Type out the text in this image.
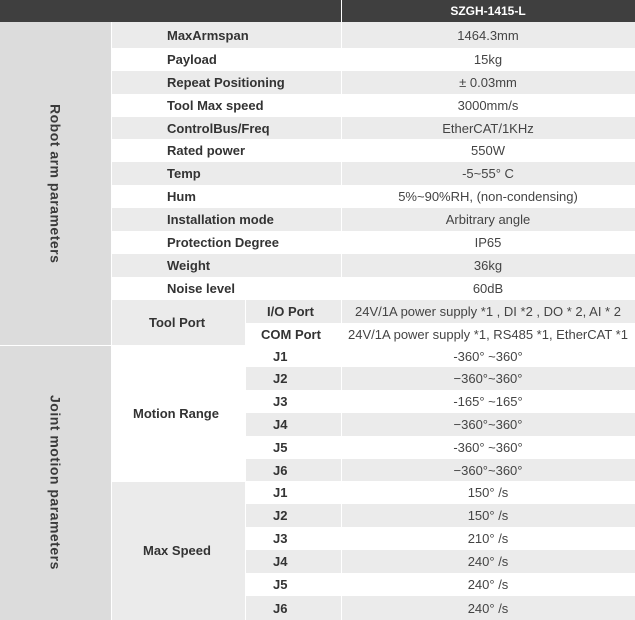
SZGH-1415-L
Robot arm parameters
MaxArmspan	1464.3mm
Payload	15kg
Repeat Positioning	± 0.03mm
Tool Max speed	3000mm/s
ControlBus/Freq	EtherCAT/1KHz
Rated power	550W
Temp	-5~55° C
Hum	5%~90%RH, (non-condensing)
Installation mode	Arbitrary angle
Protection Degree	IP65
Weight	36kg
Noise level	60dB
Tool Port
I/O Port	24V/1A power supply *1 , DI *2 , DO * 2, AI * 2
COM Port	24V/1A power supply *1, RS485 *1, EtherCAT *1
Joint motion parameters	Motion Range
J1	-360° ~360°
J2	−360°~360°
J3	-165° ~165°
J4	−360°~360°
J5	-360° ~360°
J6	−360°~360°
Max Speed
J1	150° /s
J2	150° /s
J3	210° /s
J4	240° /s
J5	240° /s
J6	240° /s
